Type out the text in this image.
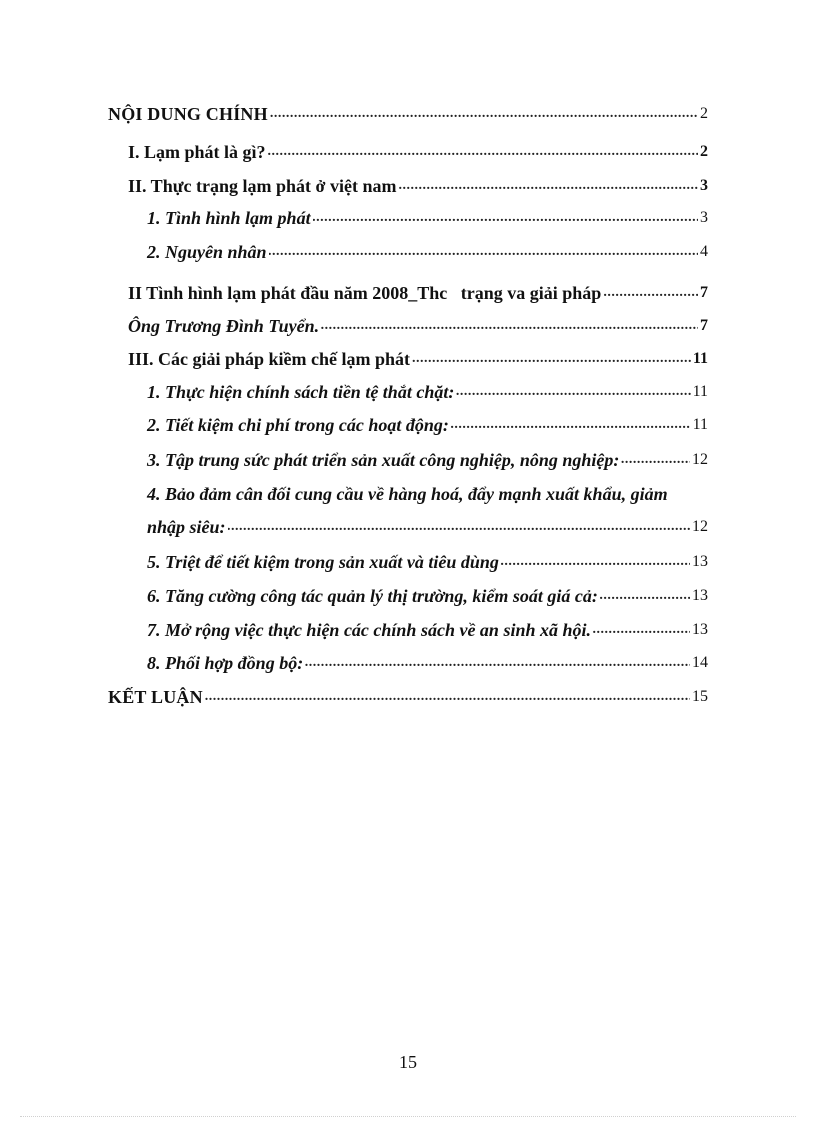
NỘI DUNG CHÍNH .....	2
I. Lạm phát là gì? .....	2
II. Thực trạng lạm phát ở việt nam .....	3
1. Tình hình lạm phát .....	3
2. Nguyên nhân .....	4
II Tình hình lạm phát đầu năm 2008_Thc   trạng va giải pháp .....	7
Ông Trương Đình Tuyển. .....	7
III. Các giải pháp kiềm chế lạm phát .....	11
1. Thực hiện chính sách tiền tệ thắt chặt: .....	11
2. Tiết kiệm chi phí trong các hoạt động: .....	11
3. Tập trung sức phát triển sản xuất công nghiệp, nông nghiệp: .....	12
4. Bảo đảm cân đối cung cầu về hàng hoá, đẩy mạnh xuất khẩu, giảm
nhập siêu: .....	12
5. Triệt để tiết kiệm trong sản xuất và tiêu dùng .....	13
6. Tăng cường công tác quản lý thị trường, kiểm soát giá cả: .....	13
7. Mở rộng việc thực hiện các chính sách về an sinh xã hội. .....	13
8. Phối hợp đồng bộ: .....	14
KẾT LUẬN .....	15
15
